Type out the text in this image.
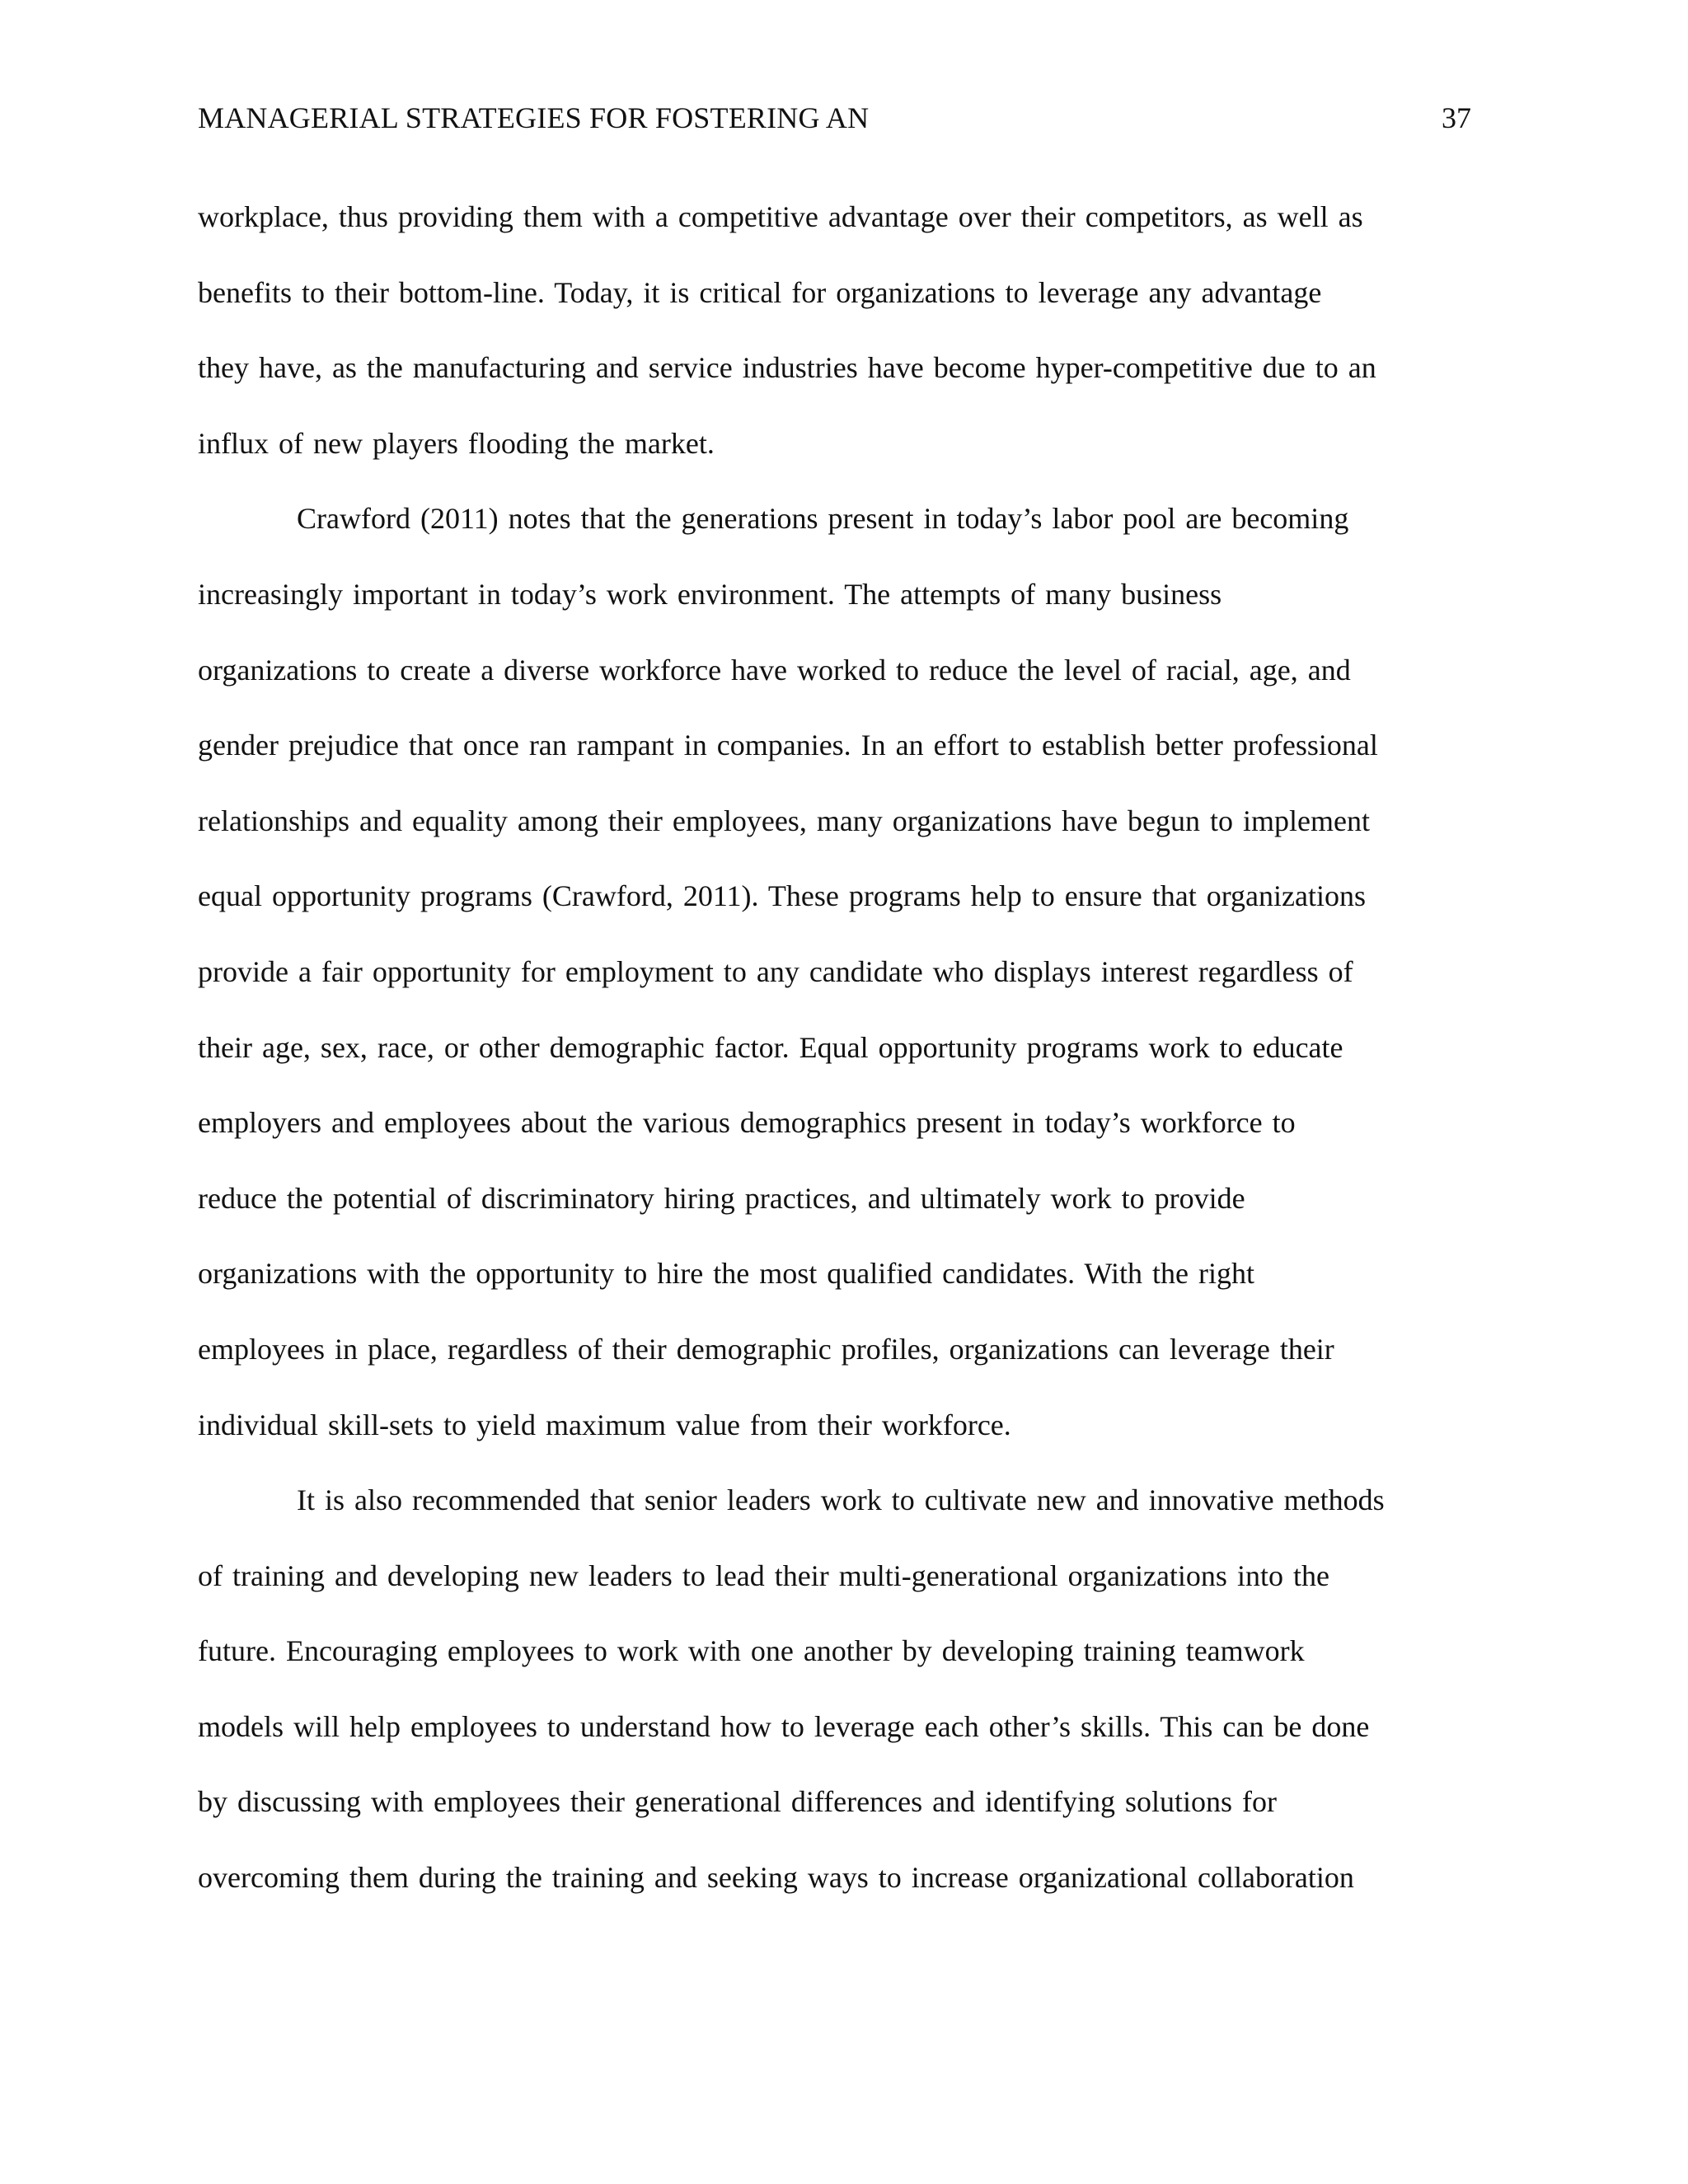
MANAGERIAL STRATEGIES FOR FOSTERING AN	37
workplace, thus providing them with a competitive advantage over their competitors, as well as
benefits to their bottom-line. Today, it is critical for organizations to leverage any advantage
they have, as the manufacturing and service industries have become hyper-competitive due to an
influx of new players flooding the market.
Crawford (2011) notes that the generations present in today’s labor pool are becoming
increasingly important in today’s work environment. The attempts of many business
organizations to create a diverse workforce have worked to reduce the level of racial, age, and
gender prejudice that once ran rampant in companies. In an effort to establish better professional
relationships and equality among their employees, many organizations have begun to implement
equal opportunity programs (Crawford, 2011). These programs help to ensure that organizations
provide a fair opportunity for employment to any candidate who displays interest regardless of
their age, sex, race, or other demographic factor. Equal opportunity programs work to educate
employers and employees about the various demographics present in today’s workforce to
reduce the potential of discriminatory hiring practices, and ultimately work to provide
organizations with the opportunity to hire the most qualified candidates. With the right
employees in place, regardless of their demographic profiles, organizations can leverage their
individual skill-sets to yield maximum value from their workforce.
It is also recommended that senior leaders work to cultivate new and innovative methods
of training and developing new leaders to lead their multi-generational organizations into the
future. Encouraging employees to work with one another by developing training teamwork
models will help employees to understand how to leverage each other’s skills. This can be done
by discussing with employees their generational differences and identifying solutions for
overcoming them during the training and seeking ways to increase organizational collaboration
